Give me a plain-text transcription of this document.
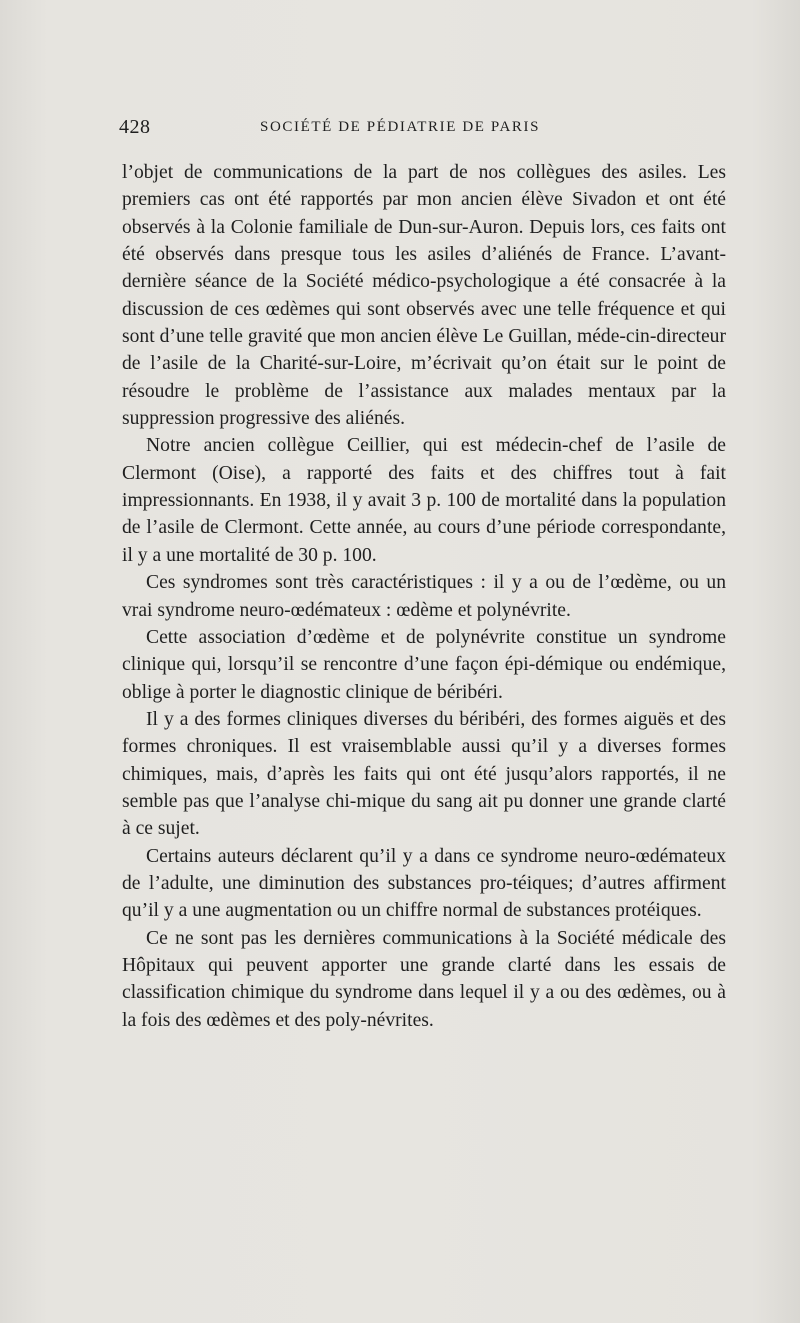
428	SOCIÉTÉ DE PÉDIATRIE DE PARIS

l’objet de communications de la part de nos collègues des asiles. Les premiers cas ont été rapportés par mon ancien élève Sivadon et ont été observés à la Colonie familiale de Dun-sur-Auron. Depuis lors, ces faits ont été observés dans presque tous les asiles d’aliénés de France. L’avant-dernière séance de la Société médico-psychologique a été consacrée à la discussion de ces œdèmes qui sont observés avec une telle fréquence et qui sont d’une telle gravité que mon ancien élève Le Guillan, méde-cin-directeur de l’asile de la Charité-sur-Loire, m’écrivait qu’on était sur le point de résoudre le problème de l’assistance aux malades mentaux par la suppression progressive des aliénés.

Notre ancien collègue Ceillier, qui est médecin-chef de l’asile de Clermont (Oise), a rapporté des faits et des chiffres tout à fait impressionnants. En 1938, il y avait 3 p. 100 de mortalité dans la population de l’asile de Clermont. Cette année, au cours d’une période correspondante, il y a une mortalité de 30 p. 100.

Ces syndromes sont très caractéristiques : il y a ou de l’œdème, ou un vrai syndrome neuro-œdémateux : œdème et polynévrite.

Cette association d’œdème et de polynévrite constitue un syndrome clinique qui, lorsqu’il se rencontre d’une façon épi-démique ou endémique, oblige à porter le diagnostic clinique de béribéri.

Il y a des formes cliniques diverses du béribéri, des formes aiguës et des formes chroniques. Il est vraisemblable aussi qu’il y a diverses formes chimiques, mais, d’après les faits qui ont été jusqu’alors rapportés, il ne semble pas que l’analyse chi-mique du sang ait pu donner une grande clarté à ce sujet.

Certains auteurs déclarent qu’il y a dans ce syndrome neuro-œdémateux de l’adulte, une diminution des substances pro-téiques; d’autres affirment qu’il y a une augmentation ou un chiffre normal de substances protéiques.

Ce ne sont pas les dernières communications à la Société médicale des Hôpitaux qui peuvent apporter une grande clarté dans les essais de classification chimique du syndrome dans lequel il y a ou des œdèmes, ou à la fois des œdèmes et des poly-névrites.
